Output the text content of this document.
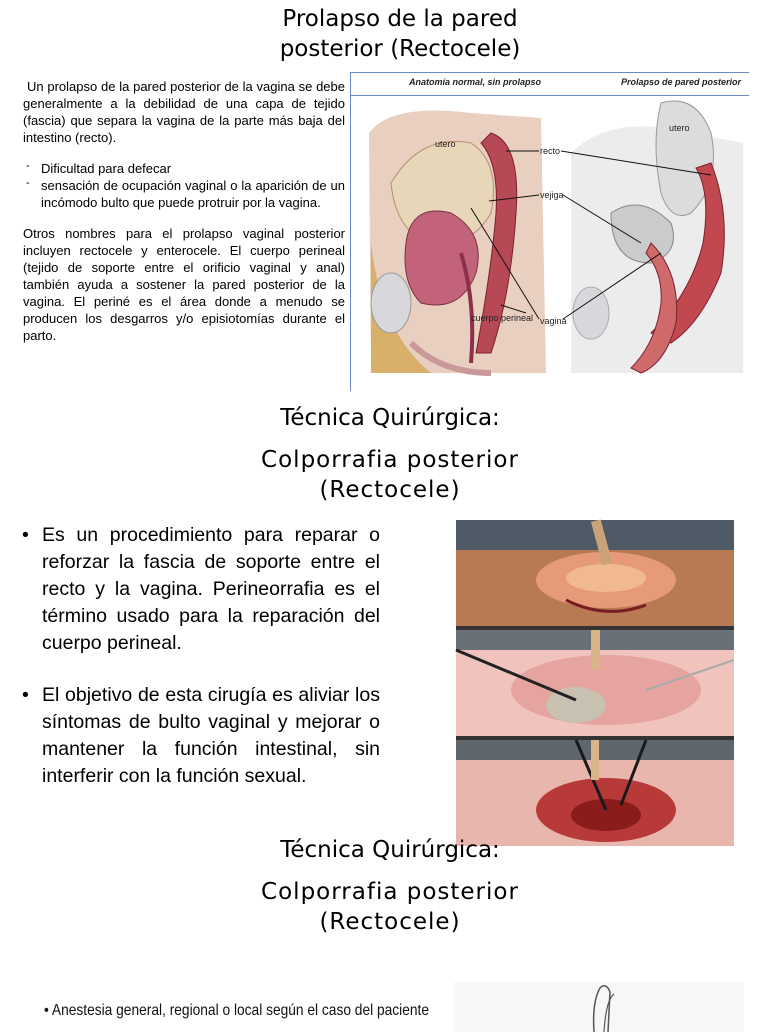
Prolapso de la pared
posterior (Rectocele)

Un prolapso de la pared posterior de la vagina se debe generalmente a la debilidad de una capa de tejido (fascia) que separa la vagina de la parte más baja del intestino (recto).

- Dificultad para defecar
- sensación de ocupación vaginal o la aparición de un incómodo bulto que puede protruir por la vagina.

Otros nombres para el prolapso vaginal posterior incluyen rectocele y enterocele. El cuerpo perineal (tejido de soporte entre el orificio vaginal y anal) también ayuda a sostener la pared posterior de la vagina. El periné es el área donde a menudo se producen los desgarros y/o episiotomías durante el parto.

Anatomía normal, sin prolapso	Prolapso de pared posterior
utero
recto
vejiga
cuerpo perineal vagina
utero
Técnica Quirúrgica:
Colporrafia posterior
(Rectocele)
• Es un procedimiento para reparar o reforzar la fascia de soporte entre el recto y la vagina. Perineorrafia es el término usado para la reparación del cuerpo perineal.
• El objetivo de esta cirugía es aliviar los síntomas de bulto vaginal y mejorar o mantener la función intestinal, sin interferir con la función sexual.
Técnica Quirúrgica:
Colporrafia posterior
(Rectocele)
• Anestesia general, regional o local según el caso del paciente
